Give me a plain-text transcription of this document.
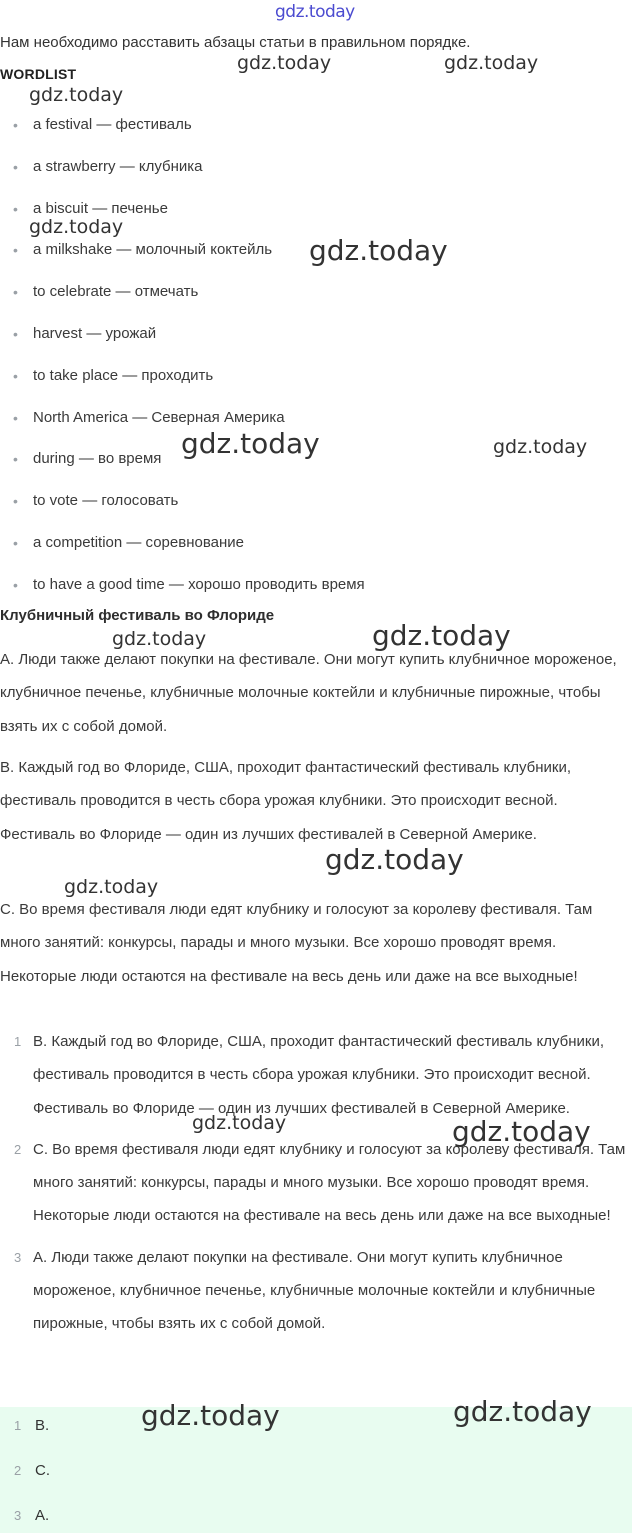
gdz.today
Нам необходимо расставить абзацы статьи в правильном порядке.
WORDLIST
• a festival — фестиваль
• a strawberry — клубника
• a biscuit — печенье
• a milkshake — молочный коктейль
• to celebrate — отмечать
• harvest — урожай
• to take place — проходить
• North America — Северная Америка
• during — во время
• to vote — голосовать
• a competition — соревнование
• to have a good time — хорошо проводить время
Клубничный фестиваль во Флориде

A. Люди также делают покупки на фестивале. Они могут купить клубничное мороженое, клубничное печенье, клубничные молочные коктейли и клубничные пирожные, чтобы взять их с собой домой.

B. Каждый год во Флориде, США, проходит фантастический фестиваль клубники, фестиваль проводится в честь сбора урожая клубники. Это происходит весной. Фестиваль во Флориде — один из лучших фестивалей в Северной Америке.

C. Во время фестиваля люди едят клубнику и голосуют за королеву фестиваля. Там много занятий: конкурсы, парады и много музыки. Все хорошо проводят время. Некоторые люди остаются на фестивале на весь день или даже на все выходные!

1 B. Каждый год во Флориде, США, проходит фантастический фестиваль клубники, фестиваль проводится в честь сбора урожая клубники. Это происходит весной. Фестиваль во Флориде — один из лучших фестивалей в Северной Америке.
2 C. Во время фестиваля люди едят клубнику и голосуют за королеву фестиваля. Там много занятий: конкурсы, парады и много музыки. Все хорошо проводят время. Некоторые люди остаются на фестивале на весь день или даже на все выходные!
3 A. Люди также делают покупки на фестивале. Они могут купить клубничное мороженое, клубничное печенье, клубничные молочные коктейли и клубничные пирожные, чтобы взять их с собой домой.
1 B.
2 C.
3 A.
gdz.today	gdz.today
gdz.today
gdz.today
gdz.today
gdz.today	gdz.today
gdz.today	gdz.today
gdz.today
gdz.today
gdz.today	gdz.today
gdz.today	gdz.today
